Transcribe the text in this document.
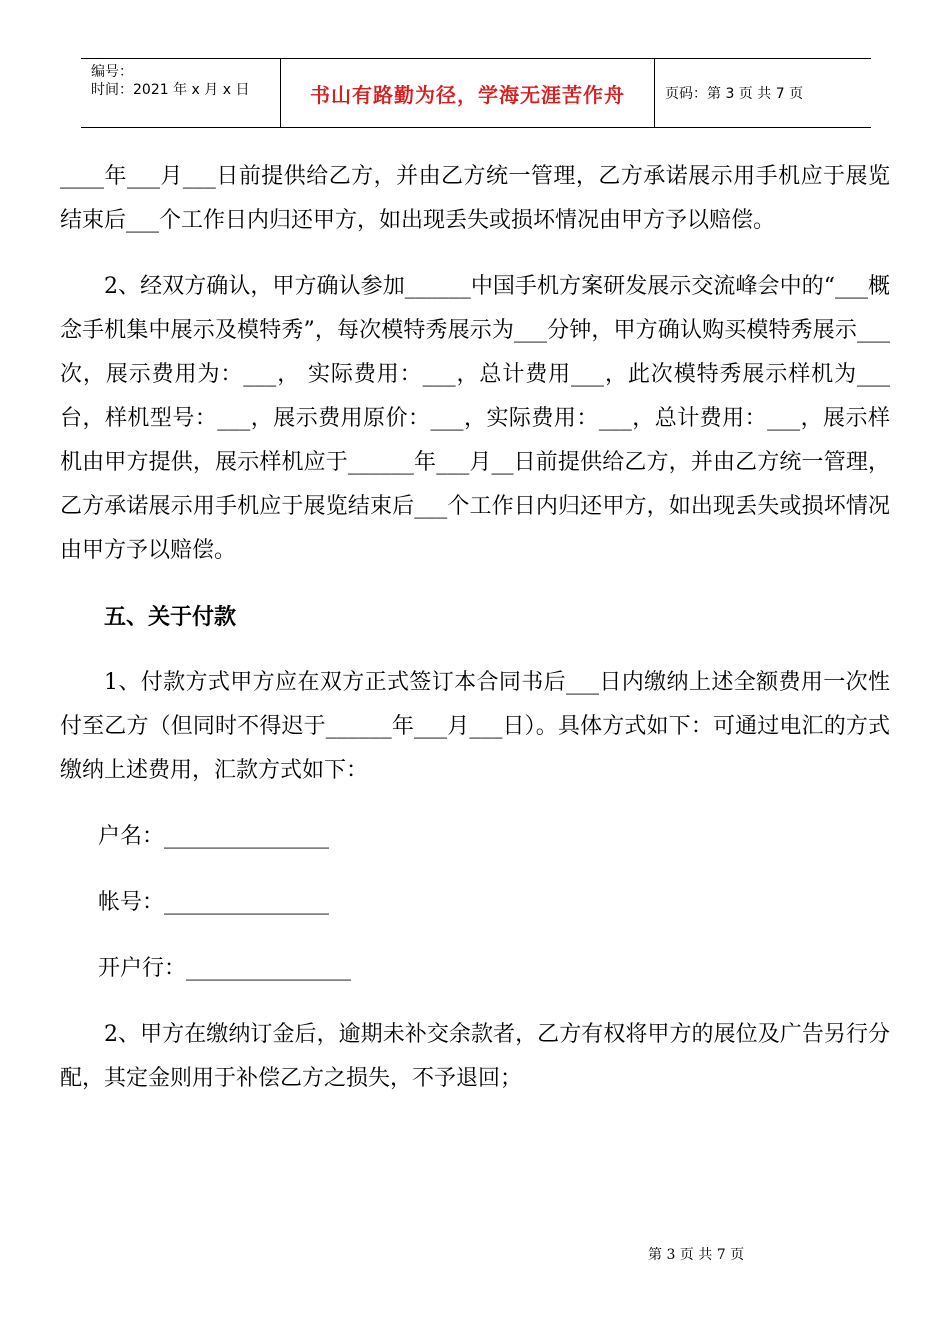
编号：
时间：2021 年 x 月 x 日	书山有路勤为径，学海无涯苦作舟	页码：第 3 页 共 7 页

____年___月___日前提供给乙方，并由乙方统一管理，乙方承诺展示用手机应于展览结束后___个工作日内归还甲方，如出现丢失或损坏情况由甲方予以赔偿。

2、经双方确认，甲方确认参加______中国手机方案研发展示交流峰会中的“___概念手机集中展示及模特秀”，每次模特秀展示为___分钟，甲方确认购买模特秀展示___次，展示费用为：___， 实际费用：___，总计费用___，此次模特秀展示样机为___台，样机型号：___，展示费用原价：___，实际费用：___，总计费用：___，展示样机由甲方提供，展示样机应于______年___月__日前提供给乙方，并由乙方统一管理，乙方承诺展示用手机应于展览结束后___个工作日内归还甲方，如出现丢失或损坏情况由甲方予以赔偿。

五、关于付款

1、付款方式甲方应在双方正式签订本合同书后___日内缴纳上述全额费用一次性付至乙方（但同时不得迟于______年___月___日）。具体方式如下：可通过电汇的方式缴纳上述费用，汇款方式如下：

户名：_______________

帐号：_______________

开户行：_______________

2、甲方在缴纳订金后，逾期未补交余款者，乙方有权将甲方的展位及广告另行分配，其定金则用于补偿乙方之损失，不予退回；

第 3 页 共 7 页
